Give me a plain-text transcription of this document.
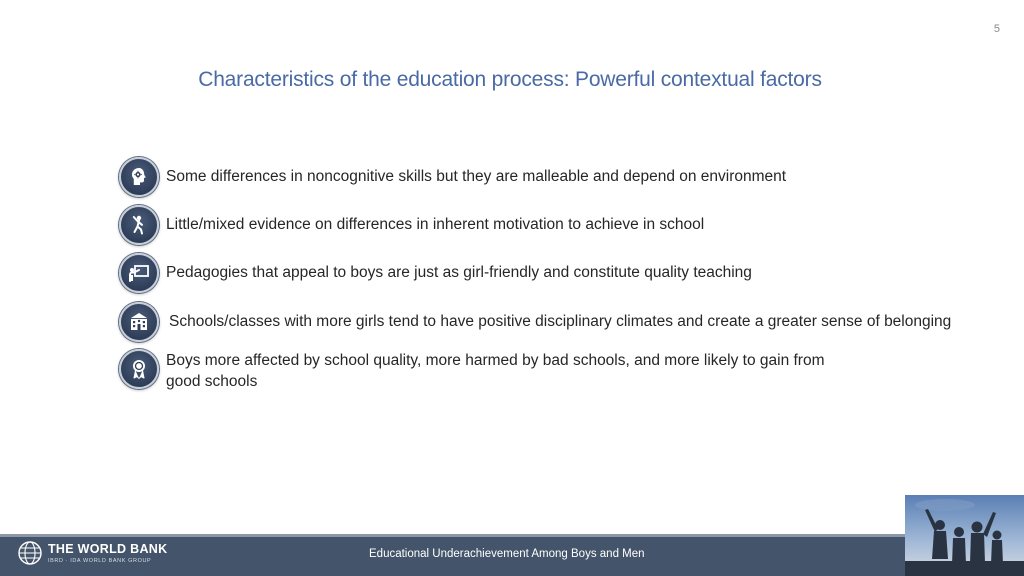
5
Characteristics of the education process: Powerful contextual factors
Some differences in noncognitive skills but they are malleable and depend on environment
Little/mixed evidence on differences in inherent motivation to achieve in school
Pedagogies that appeal to boys are just as girl-friendly and constitute quality teaching
Schools/classes with more girls tend to have positive disciplinary climates and create a greater sense of belonging
Boys more affected by school quality, more harmed by bad schools, and more likely to gain from good schools
THE WORLD BANK
IBRD · IDA WORLD BANK GROUP
Educational Underachievement Among Boys and Men
